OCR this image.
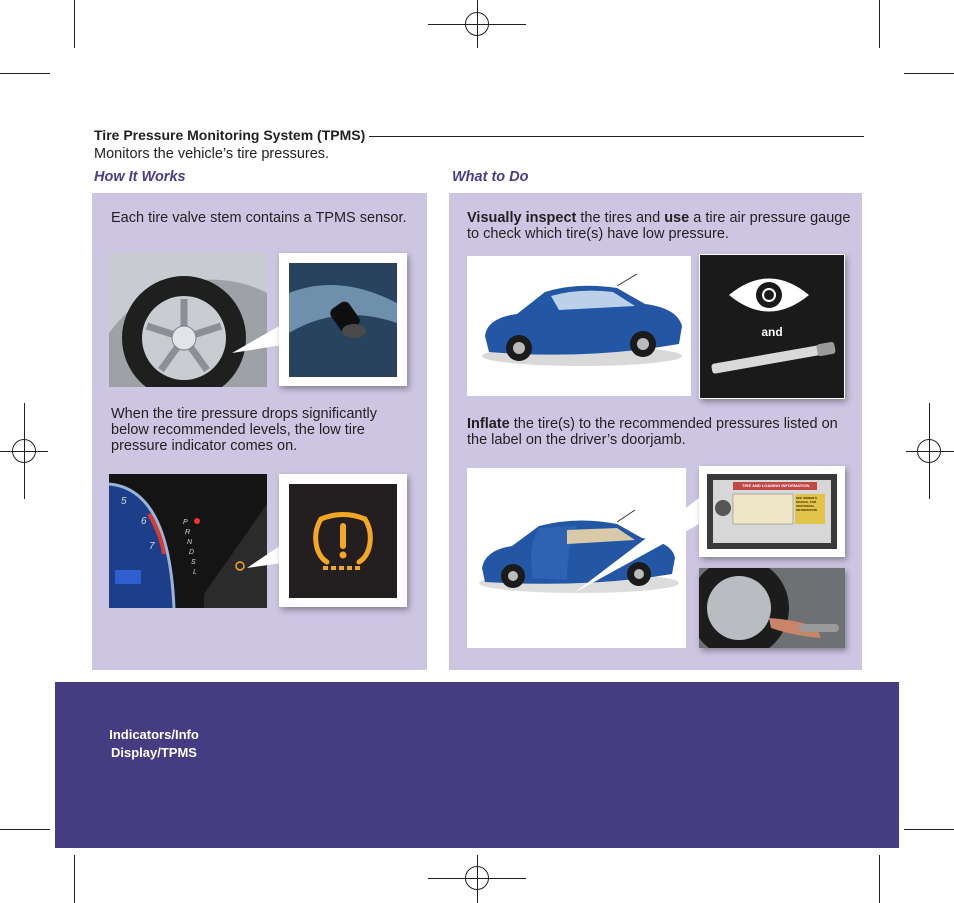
Tire Pressure Monitoring System (TPMS)
Monitors the vehicle’s tire pressures.
How It Works	What to Do
Each tire valve stem contains a TPMS sensor.
When the tire pressure drops significantly below recommended levels, the low tire pressure indicator comes on.
5
6
7
P
R
N
D
S
L
Visually inspect the tires and use a tire air pressure gauge to check which tire(s) have low pressure.
and
Inflate the tire(s) to the recommended pressures listed on the label on the driver’s doorjamb.
TIRE AND LOADING INFORMATION
SEE OWNER'S MANUAL FOR ADDITIONAL INFORMATION
Indicators/Info
Display/TPMS
